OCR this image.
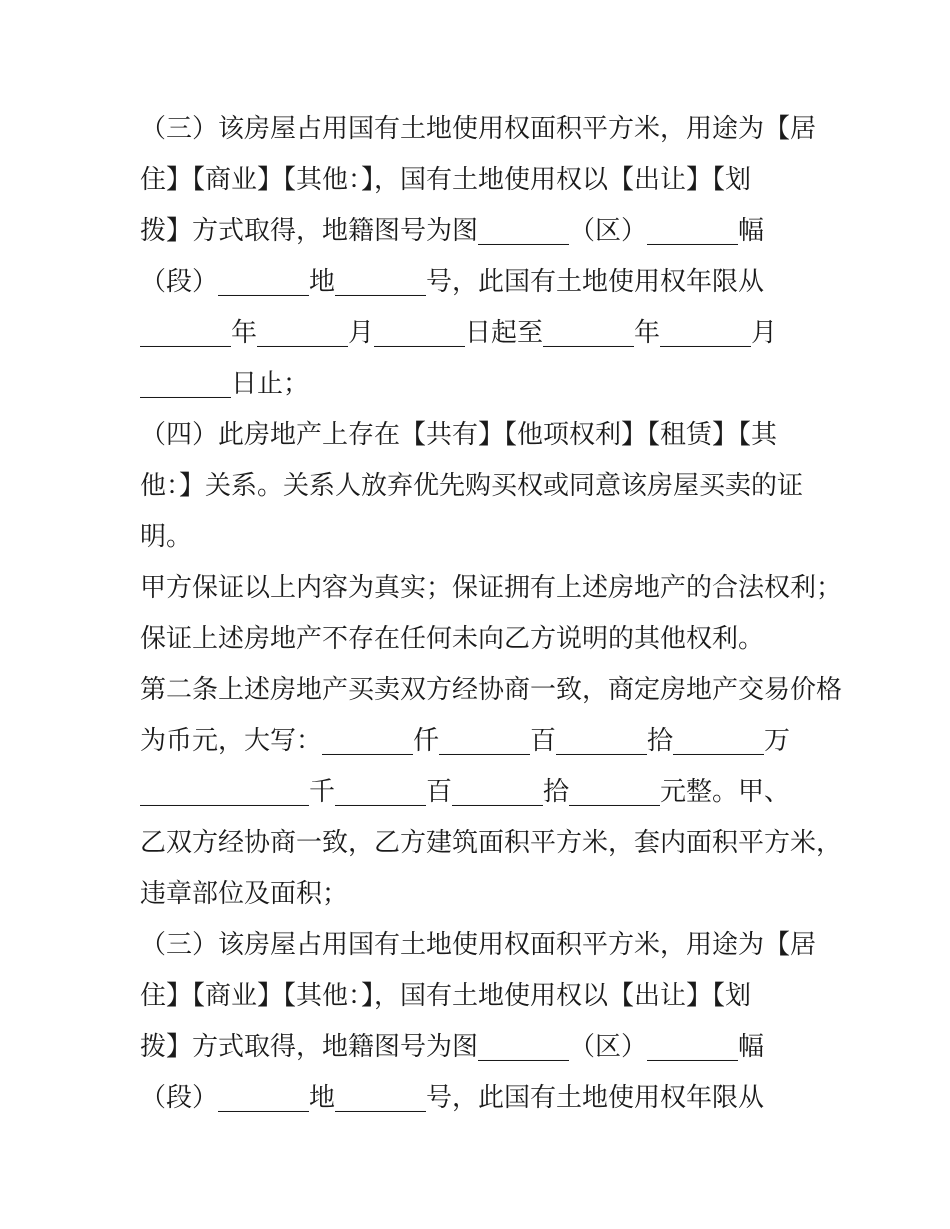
（三）该房屋占用国有土地使用权面积平方米，用途为【居
住】【商业】【其他：】，国有土地使用权以【出让】【划
拨】方式取得，地籍图号为图_______（区）_______幅
（段）_______地_______号，此国有土地使用权年限从
_______年_______月_______日起至_______年_______月
_______日止；
（四）此房地产上存在【共有】【他项权利】【租赁】【其
他：】关系。关系人放弃优先购买权或同意该房屋买卖的证
明。
甲方保证以上内容为真实；保证拥有上述房地产的合法权利；
保证上述房地产不存在任何未向乙方说明的其他权利。
第二条上述房地产买卖双方经协商一致，商定房地产交易价格
为币元，大写：_______仟_______百_______拾_______万
_____________千_______百_______拾_______元整。甲、
乙双方经协商一致，乙方建筑面积平方米，套内面积平方米，
违章部位及面积；
（三）该房屋占用国有土地使用权面积平方米，用途为【居
住】【商业】【其他：】，国有土地使用权以【出让】【划
拨】方式取得，地籍图号为图_______（区）_______幅
（段）_______地_______号，此国有土地使用权年限从
